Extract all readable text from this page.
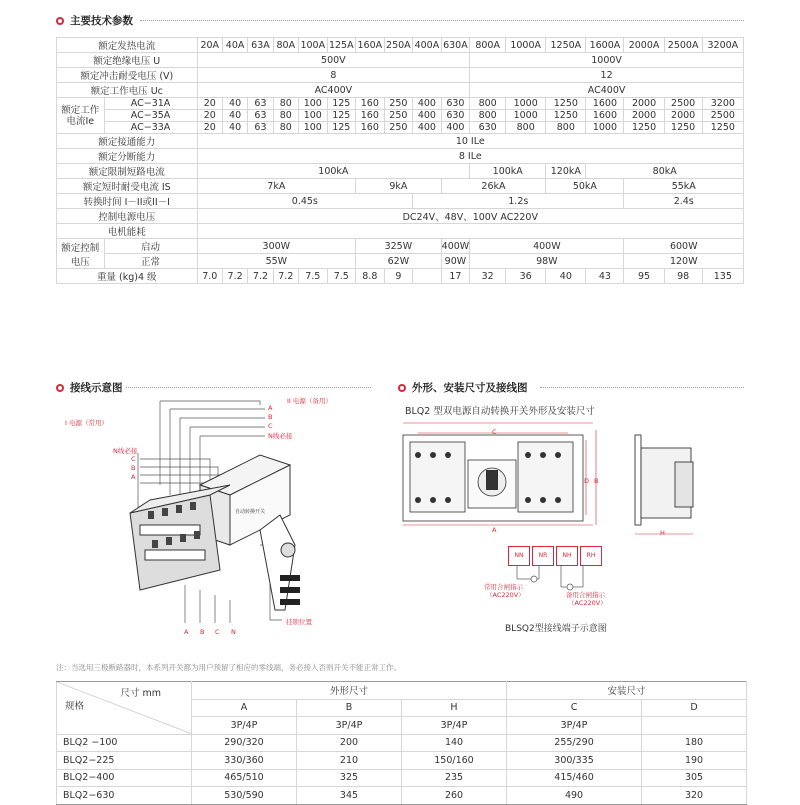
主要技术参数
额定发热电流		20A	40A	63A	80A	100A	125A	160A	250A	400A	630A	800A	1000A	1250A	1600A	2000A	2500A	3200A
额定绝缘电压 U		500V										1000V						
额定冲击耐受电压 (V)		8										12						
额定工作电压 Uc		AC400V										AC400V						
额定工作电流Ie	AC−31A	20	40	63	80	100	125	160	250	400	630	800	1000	1250	1600	2000	2500	3200
	AC−35A	20	40	63	80	100	125	160	250	400	630	800	1000	1250	1600	2000	2000	2500
	AC−33A	20	40	63	80	100	125	160	250	400	400	630	800	800	1000	1250	1250	1250
额定接通能力		10 ILe																
额定分断能力		8 ILe																
额定限制短路电流		100kA										100kA		120kA	80kA			
额定短时耐受电流 IS		7kA						9kA			26kA			50kA		55kA		
转换时间 I－II或II－I		0.45s								1.2s						2.4s		
控制电源电压		DC24V、48V、100V AC220V																
电机能耗																		
额定控制电压	启动	300W						325W			400W	400W				600W		
	正常	55W						62W			90W	98W				120W		
重量 (kg)4 级		7.0	7.2	7.2	7.2	7.5	7.5	8.8	9		17	32	36	40	43	95	98	135
接线示意图
自动转换开关
II 电源（备用）
A
B
C
N线必接
I 电源（常用）
N线必接
C
B
A
A B C N
挂锁位置
外形、安装尺寸及接线图
BLQ2 型双电源自动转换开关外形及安装尺寸
C
A
D B
H
NN	NR	NH	RH
常用合闸指示
（AC220V）	备用合闸指示
（AC220V）
BLSQ2型接线端子示意图
注：当选用三极断路器时，本系列开关都为用户预留了相应的零线端，务必接入否则开关不能正常工作。
尺寸 mm
规格	外形尺寸			安装尺寸	
	A	B	H	C	D
	3P/4P	3P/4P	3P/4P	3P/4P	
BLQ2 −100	290/320	200	140	255/290	180
BLQ2−225	330/360	210	150/160	300/335	190
BLQ2−400	465/510	325	235	415/460	305
BLQ2−630	530/590	345	260	490	320
